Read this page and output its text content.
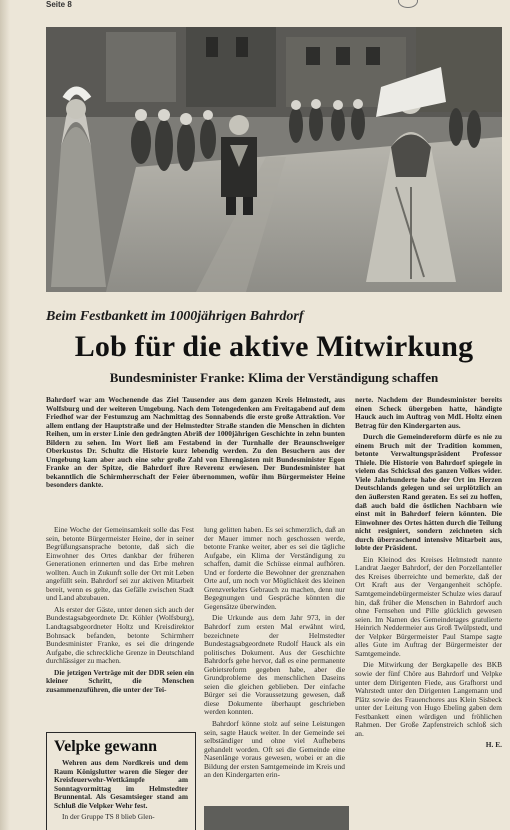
Seite 8
Beim Festbankett im 1000jährigen Bahrdorf
Lob für die aktive Mitwirkung
Bundesminister Franke: Klima der Verständigung schaffen

Bahrdorf war am Wochenende das Ziel Tausender aus dem ganzen Kreis Helmstedt, aus Wolfsburg und der weiteren Umgebung. Nach dem Totengedenken am Freitagabend auf dem Friedhof war der Festumzug am Nachmittag des Sonnabends die erste große Attraktion. Vor allem entlang der Hauptstraße und der Helmstedter Straße standen die Menschen in dichten Reihen, um in erster Linie den gedrängten Abriß der 1000jährigen Geschichte in zehn bunten Bildern zu sehen. Im Wort ließ am Festabend in der Turnhalle der Braunschweiger Oberkustos Dr. Schultz die Historie kurz lebendig werden. Zu den Besuchern aus der Umgebung kam aber auch eine sehr große Zahl von Ehrengästen mit Bundesminister Egon Franke an der Spitze, die Bahrdorf ihre Reverenz erwiesen. Der Bundesminister hat bekanntlich die Schirmherrschaft der Feier übernommen, wofür ihm Bürgermeister Heine besonders dankte.

Eine Woche der Gemeinsamkeit solle das Fest sein, betonte Bürgermeister Heine, der in seiner Begrüßungsansprache betonte, daß sich die Einwohner des Ortes dankbar der früheren Generationen erinnerten und das Erbe mehren wollten. Auch in Zukunft solle der Ort mit Leben angefüllt sein. Bahrdorf sei zur aktiven Mitarbeit bereit, wenn es gelte, das Gefälle zwischen Stadt und Land abzubauen.

Als erster der Gäste, unter denen sich auch der Bundestagsabgeordnete Dr. Köhler (Wolfsburg), Landtagsabgeordneter Holtz und Kreisdirektor Bohnsack befanden, betonte Schirmherr Bundesminister Franke, es sei die dringende Aufgabe, die schreckliche Grenze in Deutschland durchlässiger zu machen.

Die jetzigen Verträge mit der DDR seien ein kleiner Schritt, die Menschen zusammenzuführen, die unter der Tei-

lung gelitten haben. Es sei schmerzlich, daß an der Mauer immer noch geschossen werde, betonte Franke weiter, aber es sei die tägliche Aufgabe, ein Klima der Verständigung zu schaffen, damit die Schüsse einmal aufhören. Und er forderte die Bewohner der grenznahen Orte auf, um noch vor Möglichkeit des kleinen Grenzverkehrs Gebrauch zu machen, denn nur Begegnungen und Gespräche könnten die Gegensätze überwinden.

Die Urkunde aus dem Jahr 973, in der Bahrdorf zum ersten Mal erwähnt wird, bezeichnete der Helmstedter Bundestagsabgeordnete Rudolf Hauck als ein politisches Dokument. Aus der Geschichte Bahrdorfs gehe hervor, daß es eine permanente Gebietsreform gegeben habe, aber die Grundprobleme des menschlichen Daseins seien die gleichen geblieben. Der einfache Bürger sei die Voraussetzung gewesen, daß diese Dokumente überhaupt geschrieben werden konnten.

Bahrdorf könne stolz auf seine Leistungen sein, sagte Hauck weiter. In der Gemeinde sei selbständiger und ohne viel Aufhebens gehandelt worden. Oft sei die Gemeinde eine Nasenlänge voraus gewesen, wobei er an die Bildung der ersten Samtgemeinde im Kreis und an den Kindergarten erin-

nerte. Nachdem der Bundesminister bereits einen Scheck übergeben hatte, händigte Hauck auch im Auftrag von MdL Holtz einen Betrag für den Kindergarten aus.

Durch die Gemeindereform dürfe es nie zu einem Bruch mit der Tradition kommen, betonte Verwaltungspräsident Professor Thiele. Die Historie von Bahrdorf spiegele in vielem das Schicksal des ganzen Volkes wider. Viele Jahrhunderte habe der Ort im Herzen Deutschlands gelegen und sei urplötzlich an den äußersten Rand geraten. Es sei zu hoffen, daß auch bald die östlichen Nachbarn wie einst mit in Bahrdorf feiern könnten. Die Einwohner des Ortes hätten durch die Teilung nicht resigniert, sondern zeichneten sich durch überraschend intensive Mitarbeit aus, lobte der Präsident.

Ein Kleinod des Kreises Helmstedt nannte Landrat Jaeger Bahrdorf, der den Porzellanteller des Kreises überreichte und bemerkte, daß der Ort Kraft aus der Vergangenheit schöpfe. Samtgemeindebürgermeister Schulze wies darauf hin, daß früher die Menschen in Bahrdorf auch ohne Fernsehen und Pille glücklich gewesen seien. Im Namen des Gemeindetages gratulierte Heinrich Neddermeier aus Groß Twülpstedt, und der Velpker Bürgermeister Paul Stampe sagte alles Gute im Auftrag der Bürgermeister der Samtgemeinde.

Die Mitwirkung der Bergkapelle des BKB sowie der fünf Chöre aus Bahrdorf und Velpke unter dem Dirigenten Fiede, aus Grafhorst und Wahrstedt unter den Dirigenten Langemann und Plätz sowie des Frauenchores aus Klein Sisbeck unter der Leitung von Hugo Ebeling gaben dem Festbankett einen würdigen und fröhlichen Rahmen. Der Große Zapfenstreich schloß sich an.

H. E.
Velpke gewann

Wehren aus dem Nordkreis und dem Raum Königslutter waren die Sieger der Kreisfeuerwehr-Wettkämpfe am Sonntagvormittag im Helmstedter Brunnental. Als Gesamtsieger stand am Schluß die Velpker Wehr fest.

In der Gruppe TS 8 blieb Glen-
